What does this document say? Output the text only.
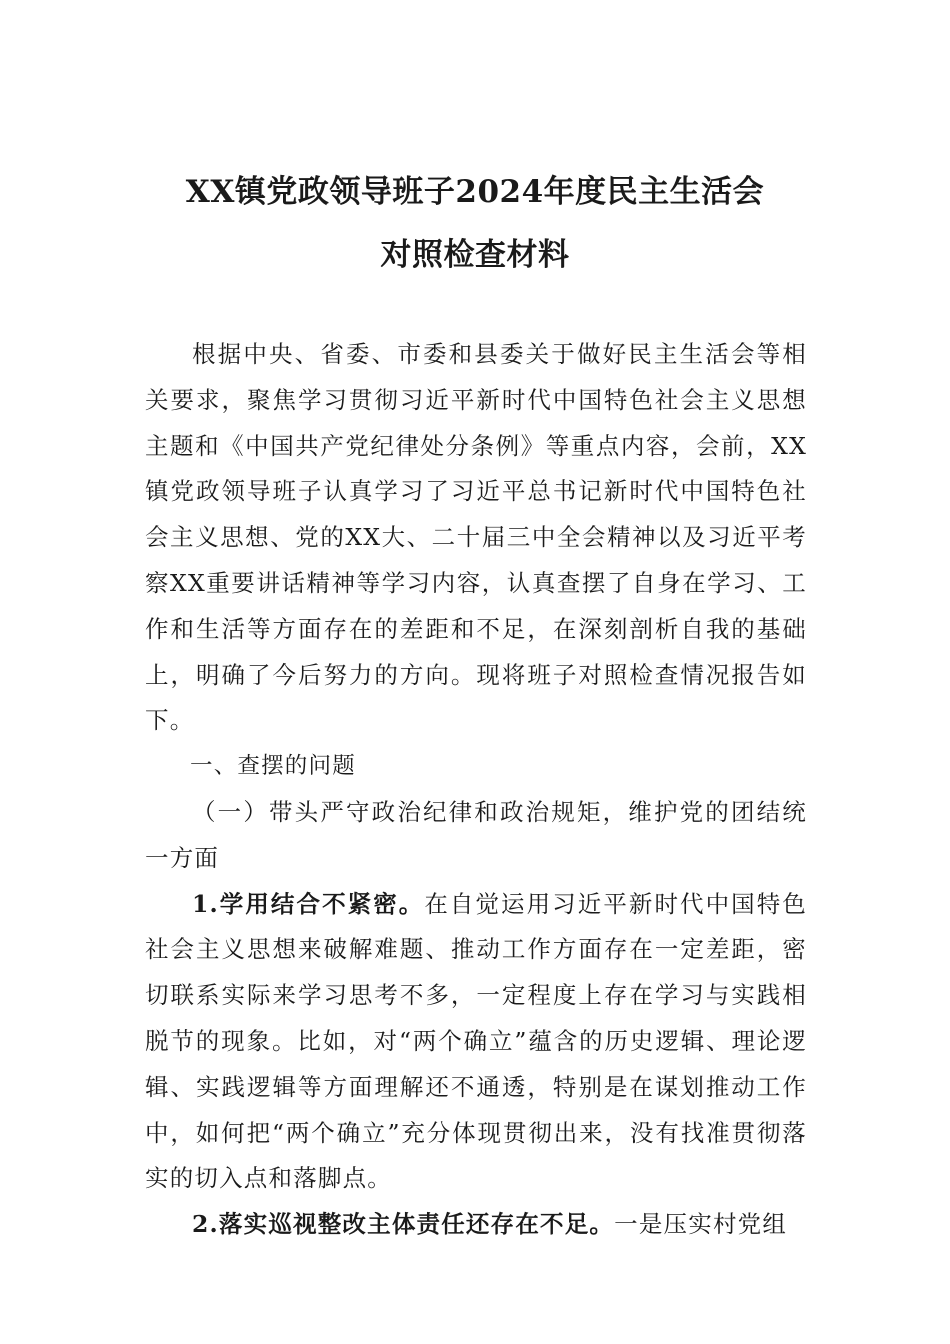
XX镇党政领导班子2024年度民主生活会
对照检查材料

根据中央、省委、市委和县委关于做好民主生活会等相关要求，聚焦学习贯彻习近平新时代中国特色社会主义思想主题和《中国共产党纪律处分条例》等重点内容，会前，XX镇党政领导班子认真学习了习近平总书记新时代中国特色社会主义思想、党的XX大、二十届三中全会精神以及习近平考察XX重要讲话精神等学习内容，认真查摆了自身在学习、工作和生活等方面存在的差距和不足，在深刻剖析自我的基础上，明确了今后努力的方向。现将班子对照检查情况报告如下。

一、查摆的问题

（一）带头严守政治纪律和政治规矩，维护党的团结统一方面

1.学用结合不紧密。在自觉运用习近平新时代中国特色社会主义思想来破解难题、推动工作方面存在一定差距，密切联系实际来学习思考不多，一定程度上存在学习与实践相脱节的现象。比如，对“两个确立”蕴含的历史逻辑、理论逻辑、实践逻辑等方面理解还不通透，特别是在谋划推动工作中，如何把“两个确立”充分体现贯彻出来，没有找准贯彻落实的切入点和落脚点。

2.落实巡视整改主体责任还存在不足。一是压实村党组
